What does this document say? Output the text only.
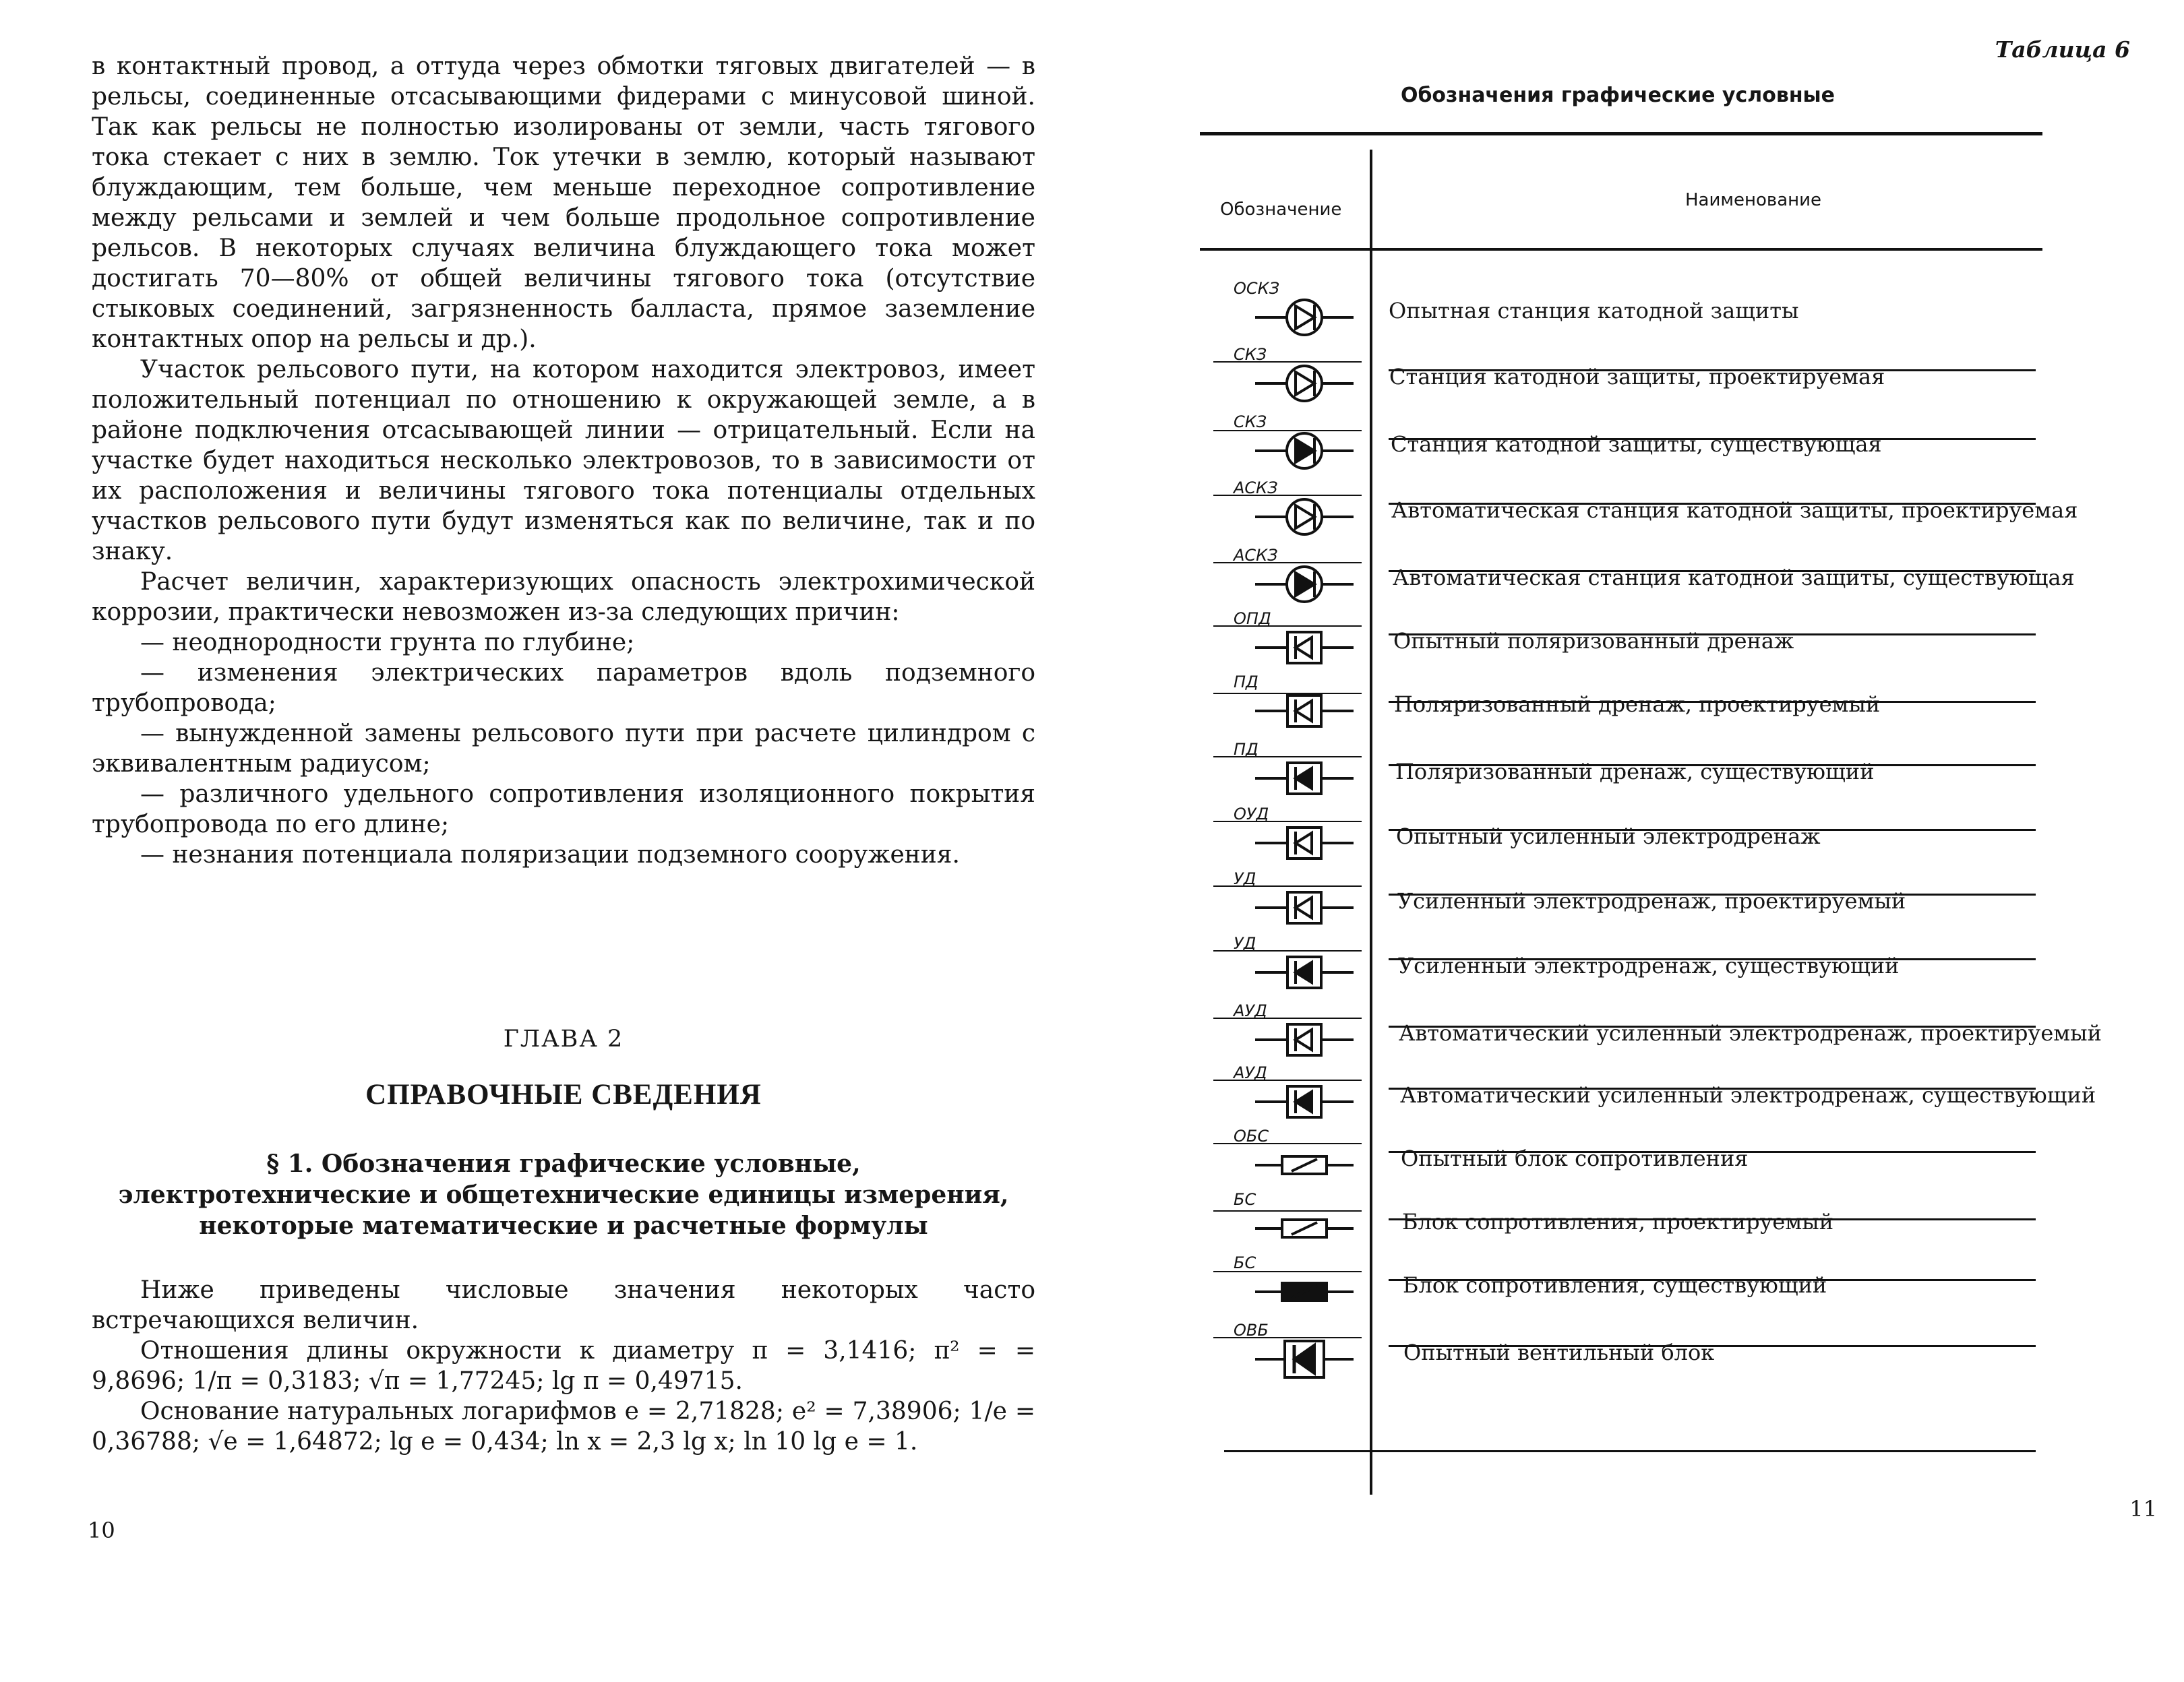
в контактный провод, а оттуда через обмотки тяговых двигателей — в рельсы, соединенные отсасывающими фидерами с минусовой шиной. Так как рельсы не полностью изолированы от земли, часть тягового тока стекает с них в землю. Ток утечки в землю, который называют блуждающим, тем больше, чем меньше переходное сопротивление между рельсами и землей и чем больше продольное сопротивление рельсов. В некоторых случаях величина блуждающего тока может достигать 70—80% от общей величины тягового тока (отсутствие стыковых соединений, загрязненность балласта, прямое заземление контактных опор на рельсы и др.).

Участок рельсового пути, на котором находится электровоз, имеет положительный потенциал по отношению к окружающей земле, а в районе подключения отсасывающей линии — отрицательный. Если на участке будет находиться несколько электровозов, то в зависимости от их расположения и величины тягового тока потенциалы отдельных участков рельсового пути будут изменяться как по величине, так и по знаку.

Расчет величин, характеризующих опасность электрохимической коррозии, практически невозможен из-за следующих причин:

— неоднородности грунта по глубине;

— изменения электрических параметров вдоль подземного трубопровода;

— вынужденной замены рельсового пути при расчете цилиндром с эквивалентным радиусом;

— различного удельного сопротивления изоляционного покрытия трубопровода по его длине;

— незнания потенциала поляризации подземного сооружения.

ГЛАВА 2
СПРАВОЧНЫЕ СВЕДЕНИЯ
§ 1. Обозначения графические условные,
электротехнические и общетехнические единицы измерения,
некоторые математические и расчетные формулы

Ниже приведены числовые значения некоторых часто встречающихся величин.

Отношения длины окружности к диаметру π = 3,1416; π² = = 9,8696; 1/π = 0,3183; √π = 1,77245; lg π = 0,49715.

Основание натуральных логарифмов e = 2,71828; e² = 7,38906; 1/e = 0,36788; √e = 1,64872; lg e = 0,434; ln x = 2,3 lg x; ln 10 lg e = 1.

10
Таблица 6
Обозначения графические условные
Обозначение	Наименование
ОСКЗ
Опытная станция катодной защиты
СКЗ
Станция катодной защиты, проектируемая
СКЗ
Станция катодной защиты, существующая
АСКЗ
Автоматическая станция катодной защиты, проектируемая
АСКЗ
Автоматическая станция катодной защиты, существующая
ОПД
Опытный поляризованный дренаж
ПД
Поляризованный дренаж, проектируемый
ПД
Поляризованный дренаж, существующий
ОУД
Опытный усиленный электродренаж
УД
Усиленный электродренаж, проектируемый
УД
Усиленный электродренаж, существующий
АУД
Автоматический усиленный электродренаж, проектируемый
АУД
Автоматический усиленный электродренаж, существующий
ОБС
Опытный блок сопротивления
БС
Блок сопротивления, проектируемый
БС
Блок сопротивления, существующий
ОВБ
Опытный вентильный блок
11
